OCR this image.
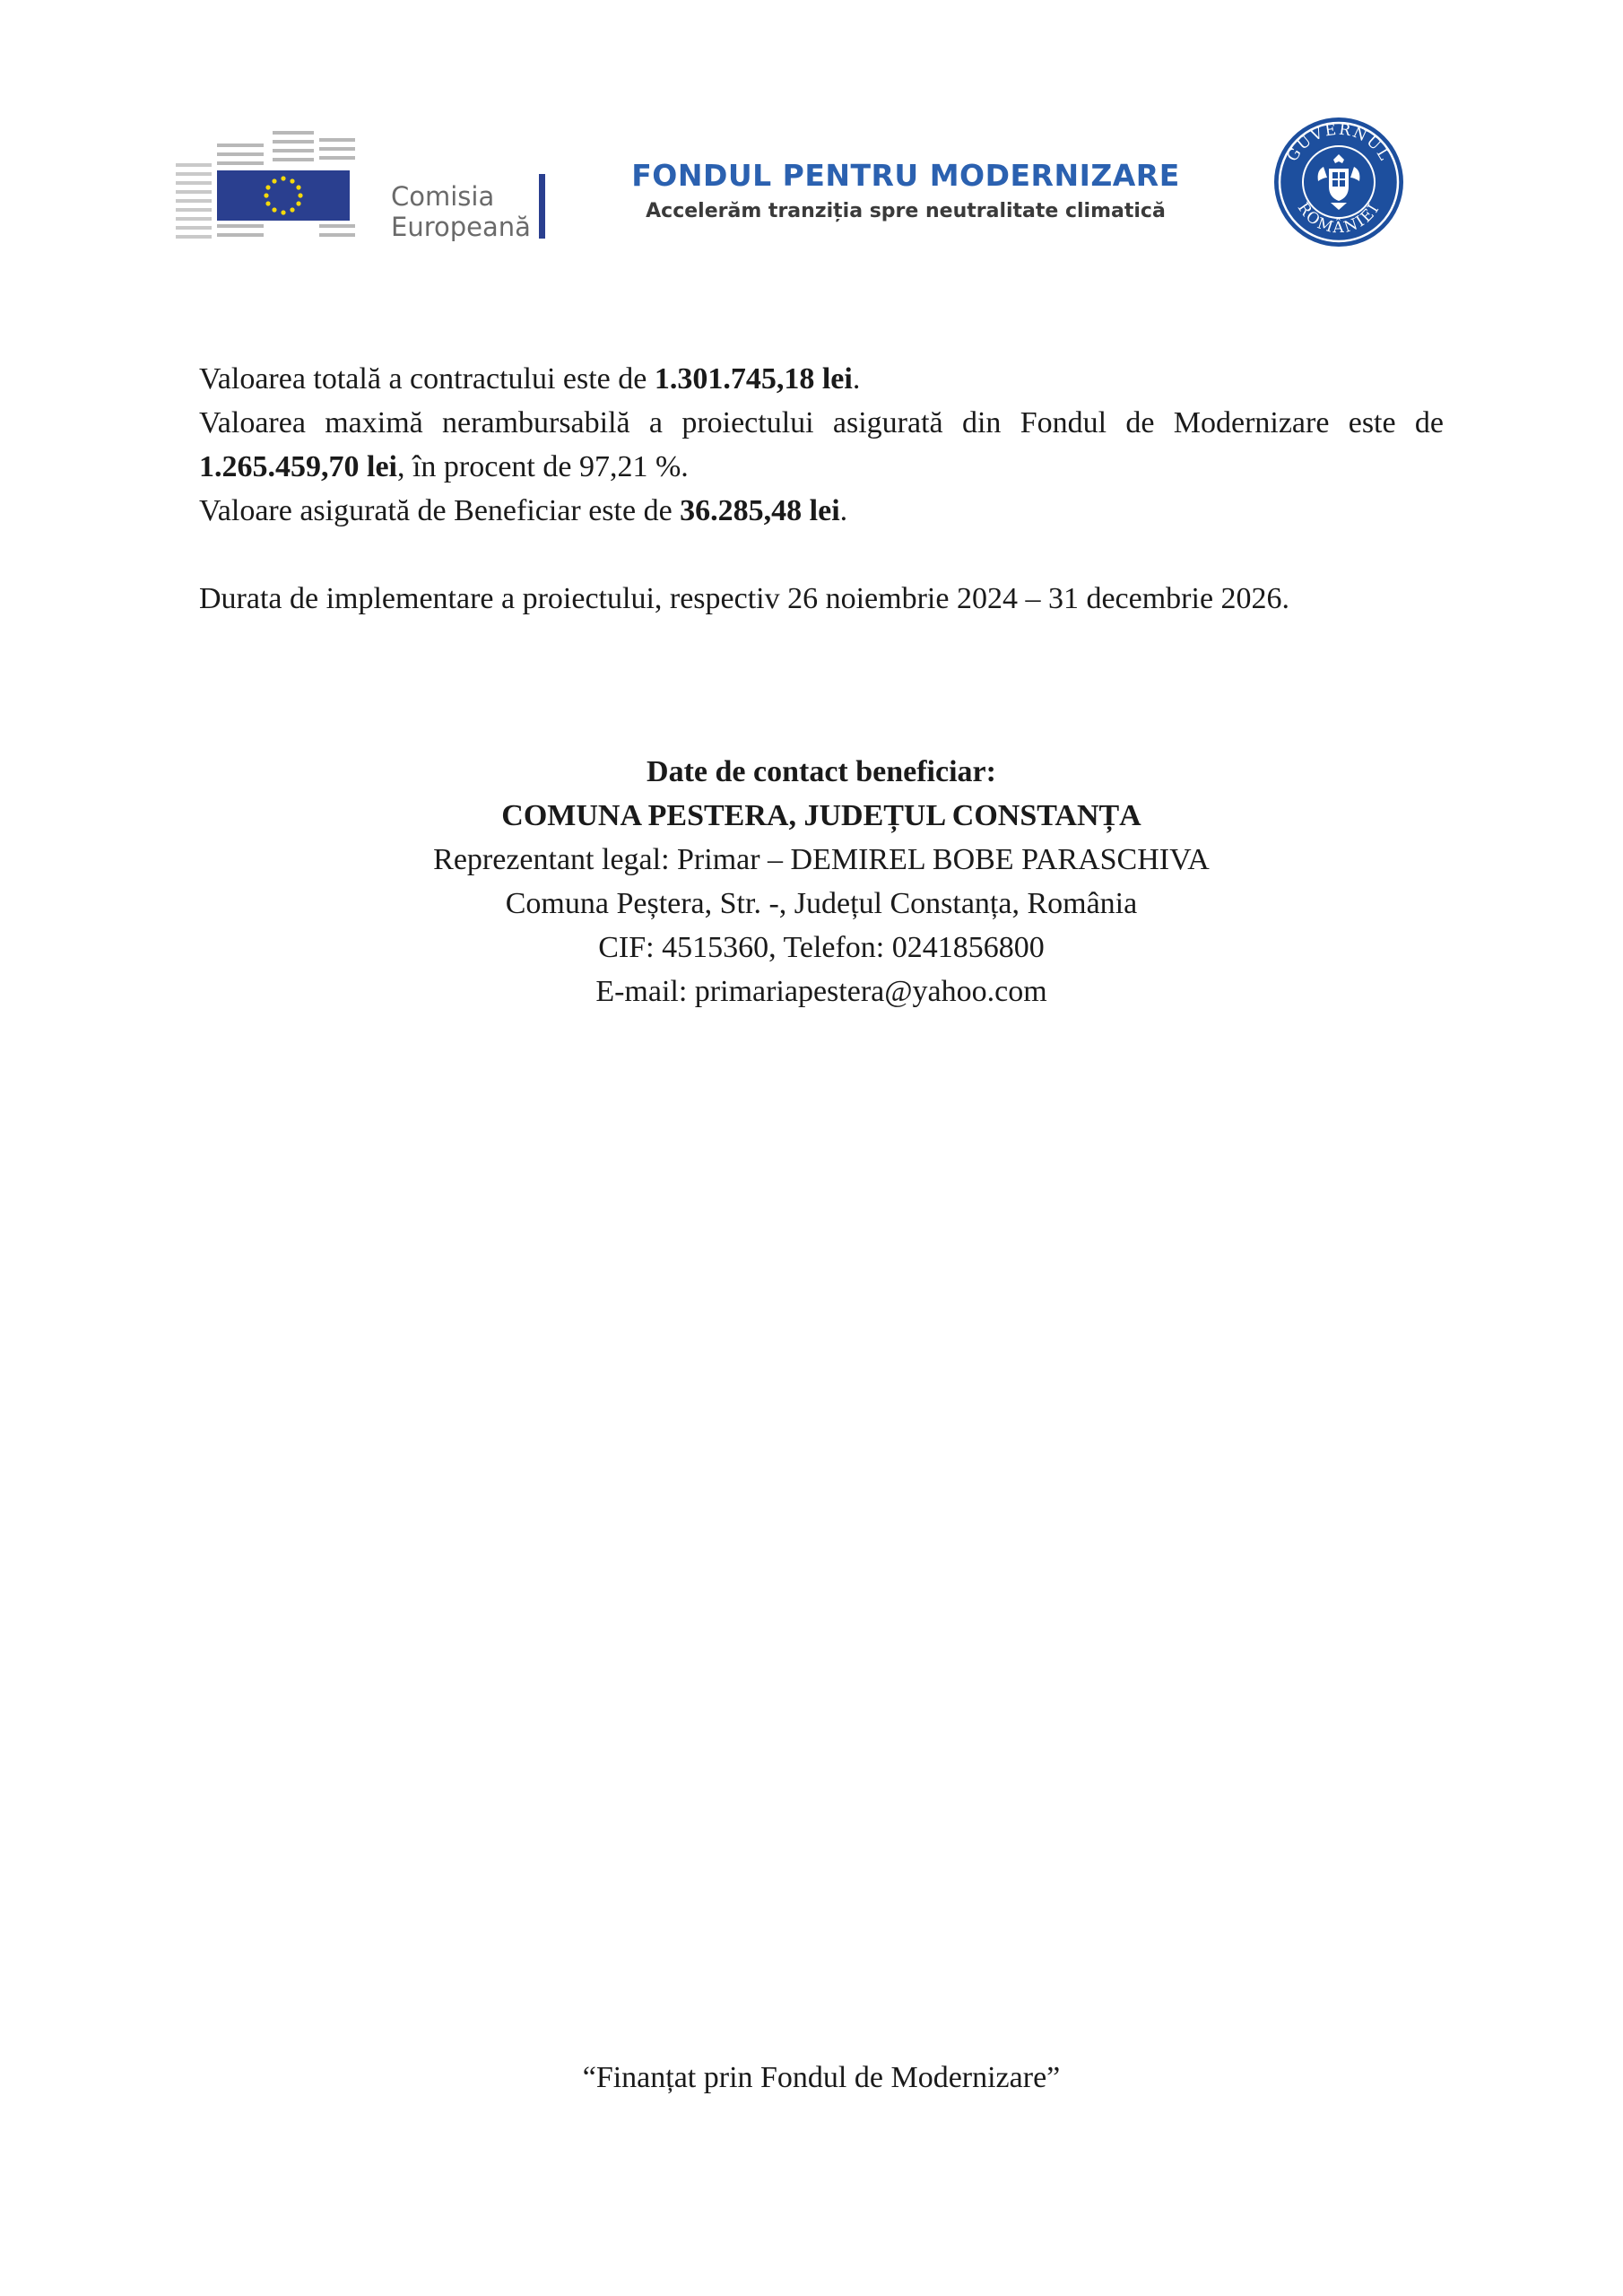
Comisia
Europeană
FONDUL PENTRU MODERNIZARE
Accelerăm tranziția spre neutralitate climatică
GUVERNUL
ROMÂNIEI

Valoarea totală a contractului este de 1.301.745,18 lei.

Valoarea maximă nerambursabilă a proiectului asigurată din Fondul de Modernizare este de

1.265.459,70 lei, în procent de 97,21 %.

Valoare asigurată de Beneficiar este de 36.285,48 lei.

Durata de implementare a proiectului, respectiv 26 noiembrie 2024 – 31 decembrie 2026.

Date de contact beneficiar:

COMUNA PESTERA, JUDEȚUL CONSTANȚA

Reprezentant legal: Primar – DEMIREL BOBE PARASCHIVA

Comuna Peștera, Str. -, Județul Constanța, România

CIF: 4515360, Telefon: 0241856800

E-mail: primariapestera@yahoo.com

“Finanțat prin Fondul de Modernizare”
